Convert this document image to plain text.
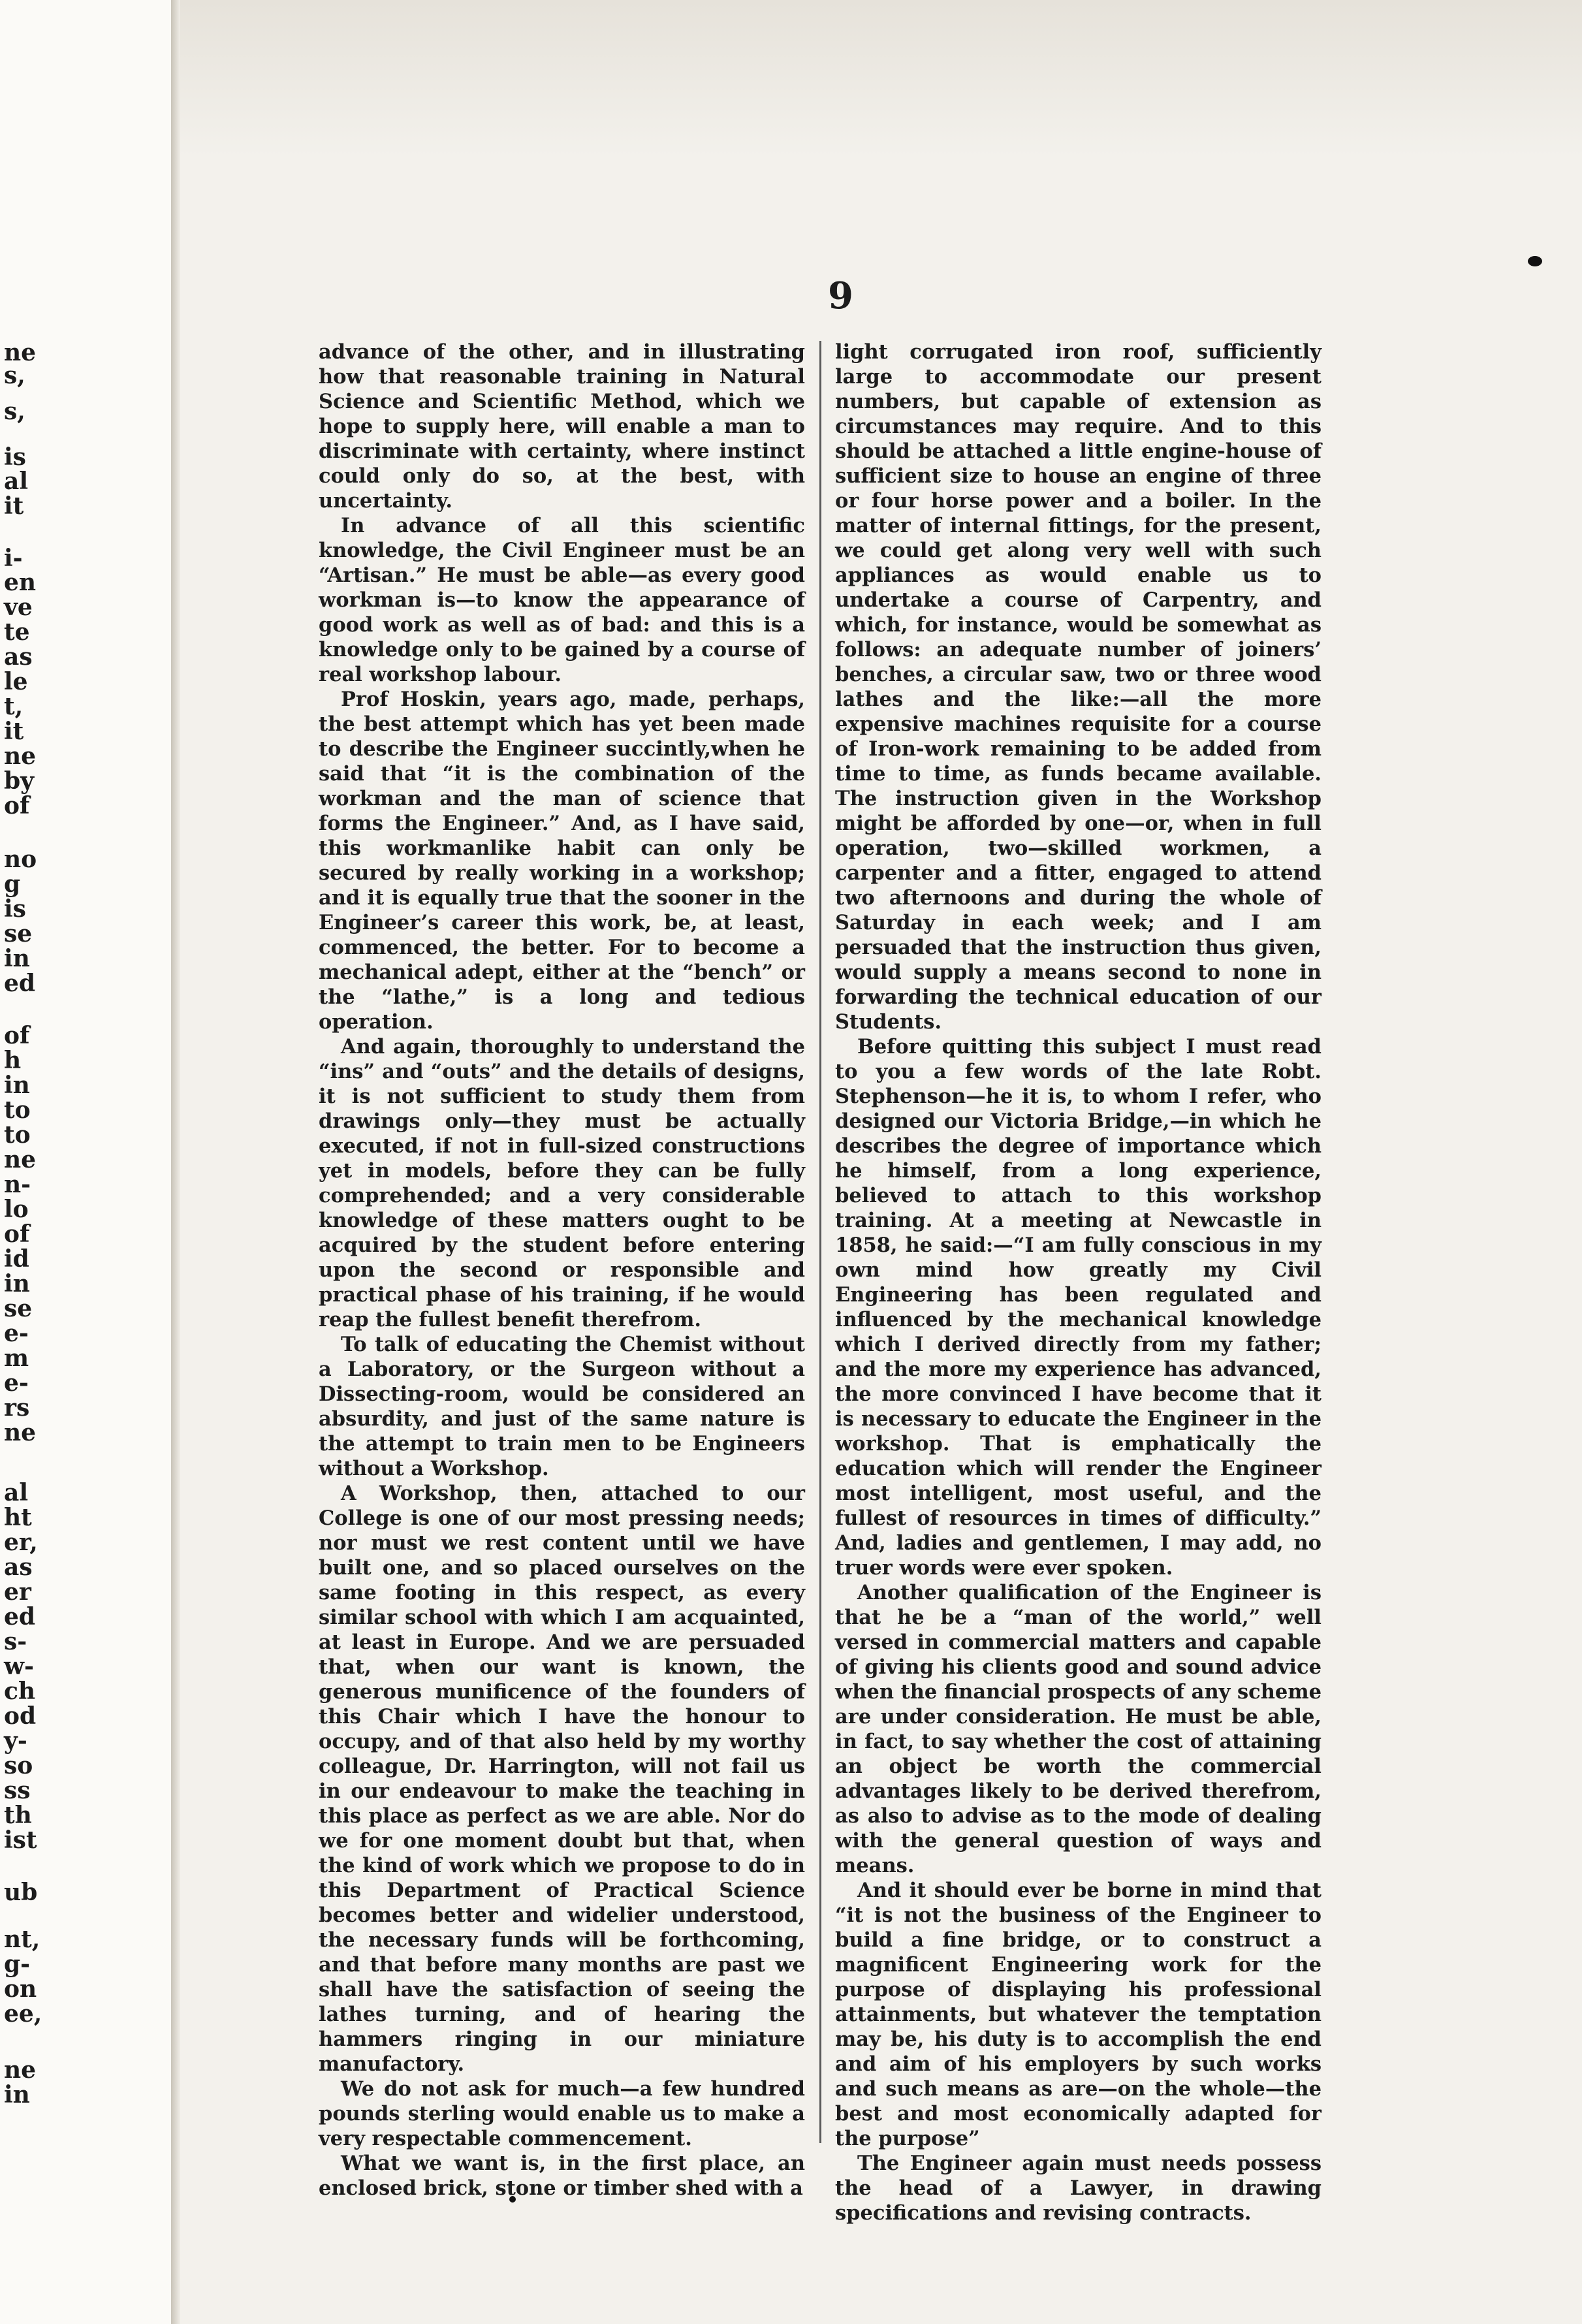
ne
s,
s,
is
al
it
i-
en
ve
te
as
le
t,
it
ne
by
of
no
g
is
se
in
ed
of
h
in
to
to
ne
n-
lo
of
id
in
se
e-
m
e-
rs
ne
al
ht
er,
as
er
ed
s-
w-
ch
od
y-
so
ss
th
ist
ub
nt,
g-
on
ee,
ne
in
9

advance of the other, and in illustrating how that reasonable training in Natural Science and Scientific Method, which we hope to supply here, will enable a man to discriminate with certainty, where instinct could only do so, at the best, with uncertainty.

In advance of all this scientific knowledge, the Civil Engineer must be an “Artisan.” He must be able—as every good workman is—to know the appearance of good work as well as of bad: and this is a knowledge only to be gained by a course of real workshop labour.

Prof Hoskin, years ago, made, perhaps, the best attempt which has yet been made to describe the Engineer succintly,when he said that “it is the combination of the workman and the man of science that forms the Engineer.” And, as I have said, this workmanlike habit can only be secured by really working in a workshop; and it is equally true that the sooner in the Engineer’s career this work, be, at least, commenced, the better. For to become a mechanical adept, either at the “bench” or the “lathe,” is a long and tedious operation.

And again, thoroughly to understand the “ins” and “outs” and the details of designs, it is not sufficient to study them from drawings only—they must be actually executed, if not in full-sized constructions yet in models, before they can be fully comprehended; and a very considerable knowledge of these matters ought to be acquired by the student before entering upon the second or responsible and practical phase of his training, if he would reap the fullest benefit therefrom.

To talk of educating the Chemist without a Laboratory, or the Surgeon without a Dissecting-room, would be considered an absurdity, and just of the same nature is the attempt to train men to be Engineers without a Workshop.

A Workshop, then, attached to our College is one of our most pressing needs; nor must we rest content until we have built one, and so placed ourselves on the same footing in this respect, as every similar school with which I am acquainted, at least in Europe. And we are persuaded that, when our want is known, the generous munificence of the founders of this Chair which I have the honour to occupy, and of that also held by my worthy colleague, Dr. Harrington, will not fail us in our endeavour to make the teaching in this place as perfect as we are able. Nor do we for one moment doubt but that, when the kind of work which we propose to do in this Department of Practical Science becomes better and widelier understood, the necessary funds will be forthcoming, and that before many months are past we shall have the satisfaction of seeing the lathes turning, and of hearing the hammers ringing in our miniature manufactory.

We do not ask for much—a few hundred pounds sterling would enable us to make a very respectable commencement.

What we want is, in the first place, an enclosed brick, stone or timber shed with a

light corrugated iron roof, sufficiently large to accommodate our present numbers, but capable of extension as circumstances may require. And to this should be attached a little engine-house of sufficient size to house an engine of three or four horse power and a boiler. In the matter of internal fittings, for the present, we could get along very well with such appliances as would enable us to undertake a course of Carpentry, and which, for instance, would be somewhat as follows: an adequate number of joiners’ benches, a circular saw, two or three wood lathes and the like:—all the more expensive machines requisite for a course of Iron-work remaining to be added from time to time, as funds became available. The instruction given in the Workshop might be afforded by one—or, when in full operation, two—skilled workmen, a carpenter and a fitter, engaged to attend two afternoons and during the whole of Saturday in each week; and I am persuaded that the instruction thus given, would supply a means second to none in forwarding the technical education of our Students.

Before quitting this subject I must read to you a few words of the late Robt. Stephenson—he it is, to whom I refer, who designed our Victoria Bridge,—in which he describes the degree of importance which he himself, from a long experience, believed to attach to this workshop training. At a meeting at Newcastle in 1858, he said:—“I am fully conscious in my own mind how greatly my Civil Engineering has been regulated and influenced by the mechanical knowledge which I derived directly from my father; and the more my experience has advanced, the more convinced I have become that it is necessary to educate the Engineer in the workshop. That is emphatically the education which will render the Engineer most intelligent, most useful, and the fullest of resources in times of difficulty.” And, ladies and gentlemen, I may add, no truer words were ever spoken.

Another qualification of the Engineer is that he be a “man of the world,” well versed in commercial matters and capable of giving his clients good and sound advice when the financial prospects of any scheme are under consideration. He must be able, in fact, to say whether the cost of attaining an object be worth the commercial advantages likely to be derived therefrom, as also to advise as to the mode of dealing with the general question of ways and means.

And it should ever be borne in mind that “it is not the business of the Engineer to build a fine bridge, or to construct a magnificent Engineering work for the purpose of displaying his professional attainments, but whatever the temptation may be, his duty is to accomplish the end and aim of his employers by such works and such means as are—on the whole—the best and most economically adapted for the purpose”

The Engineer again must needs possess the head of a Lawyer, in drawing specifications and revising contracts.
